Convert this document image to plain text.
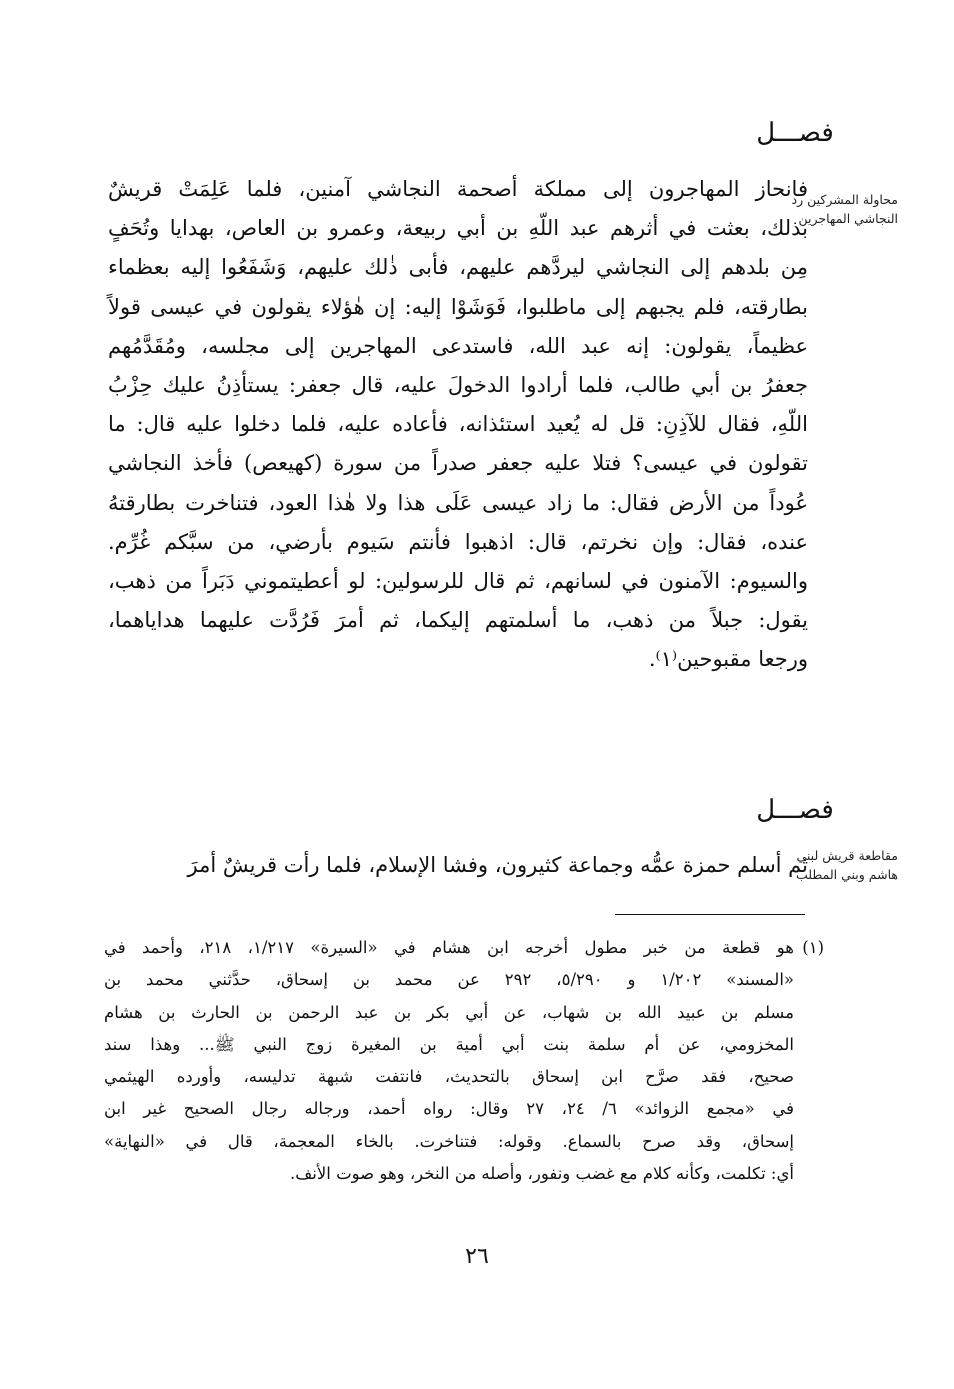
فصـــل
محاولة المشركين رد
النجاشي المهاجرين
فانحاز المهاجرون إلى مملكة أصحمة النجاشي آمنين، فلما عَلِمَتْ قريشٌ
بذلك، بعثت في أثرهم عبد اللّهِ بن أبي ربيعة، وعمرو بن العاص، بهدايا وتُحَفٍ
مِن بلدهم إلى النجاشي ليردَّهم عليهم، فأبى ذٰلك عليهم، وَشَفَعُوا إليه بعظماء
بطارقته، فلم يجبهم إلى ماطلبوا، فَوَشَوْا إليه: إن هٰؤلاء يقولون في عيسى قولاً
عظيماً، يقولون: إنه عبد الله، فاستدعى المهاجرين إلى مجلسه، ومُقَدَّمُهم
جعفرُ بن أبي طالب، فلما أرادوا الدخولَ عليه، قال جعفر: يستأذِنُ عليك حِزْبُ
اللّهِ، فقال للآذِنِ: قل له يُعيد استئذانه، فأعاده عليه، فلما دخلوا عليه قال: ما
تقولون في عيسى؟ فتلا عليه جعفر صدراً من سورة (كهيعص) فأخذ النجاشي
عُوداً من الأرض فقال: ما زاد عيسى عَلَى هذا ولا هٰذا العود، فتناخرت بطارقتهُ
عنده، فقال: وإن نخرتم، قال: اذهبوا فأنتم سَيوم بأرضي، من سبَّكم غُرِّم.
والسيوم: الآمنون في لسانهم، ثم قال للرسولين: لو أعطيتموني دَبَراً من ذهب،
يقول: جبلاً من ذهب، ما أسلمتهم إليكما، ثم أمرَ فَرُدَّت عليهما هداياهما،
ورجعا مقبوحين⁽١⁾.
فصـــل
مقاطعة قريش لبني
هاشم وبني المطلب
ثم أسلم حمزة عمُّه وجماعة كثيرون، وفشا الإسلام، فلما رأت قريشٌ أمرَ
(١)
هو قطعة من خبر مطول أخرجه ابن هشام في «السيرة» ١/٢١٧، ٢١٨، وأحمد في
«المسند» ١/٢٠٢ و ٥/٢٩٠، ٢٩٢ عن محمد بن إسحاق، حدَّثني محمد بن
مسلم بن عبيد الله بن شهاب، عن أبي بكر بن عبد الرحمن بن الحارث بن هشام
المخزومي، عن أم سلمة بنت أبي أمية بن المغيرة زوج النبي ﷺ... وهذا سند
صحيح، فقد صرَّح ابن إسحاق بالتحديث، فانتفت شبهة تدليسه، وأورده الهيثمي
في «مجمع الزوائد» ٦/ ٢٤، ٢٧ وقال: رواه أحمد، ورجاله رجال الصحيح غير ابن
إسحاق، وقد صرح بالسماع. وقوله: فتناخرت. بالخاء المعجمة، قال في «النهاية»
أي: تكلمت، وكأنه كلام مع غضب ونفور، وأصله من النخر، وهو صوت الأنف.
٢٦
